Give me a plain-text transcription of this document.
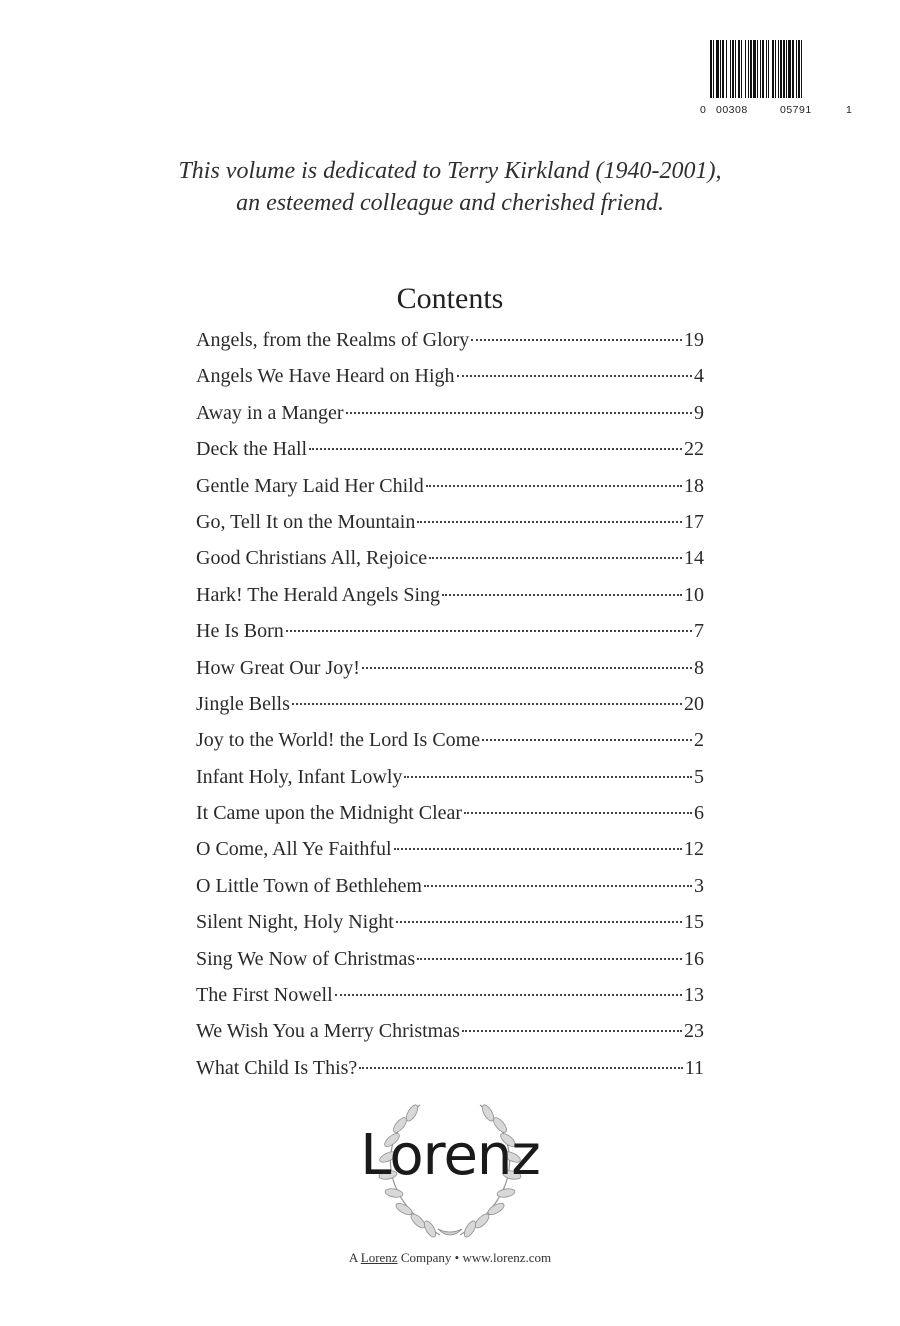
0 00308	05791	1
This volume is dedicated to Terry Kirkland (1940-2001),
an esteemed colleague and cherished friend.
Contents
Angels, from the Realms of Glory	19
Angels We Have Heard on High	4
Away in a Manger	9
Deck the Hall	22
Gentle Mary Laid Her Child	18
Go, Tell It on the Mountain	17
Good Christians All, Rejoice	14
Hark! The Herald Angels Sing	10
He Is Born	7
How Great Our Joy!	8
Jingle Bells	20
Joy to the World! the Lord Is Come	2
Infant Holy, Infant Lowly	5
It Came upon the Midnight Clear	6
O Come, All Ye Faithful	12
O Little Town of Bethlehem	3
Silent Night, Holy Night	15
Sing We Now of Christmas	16
The First Nowell	13
We Wish You a Merry Christmas	23
What Child Is This?	11
Lorenz
A Lorenz Company • www.lorenz.com
